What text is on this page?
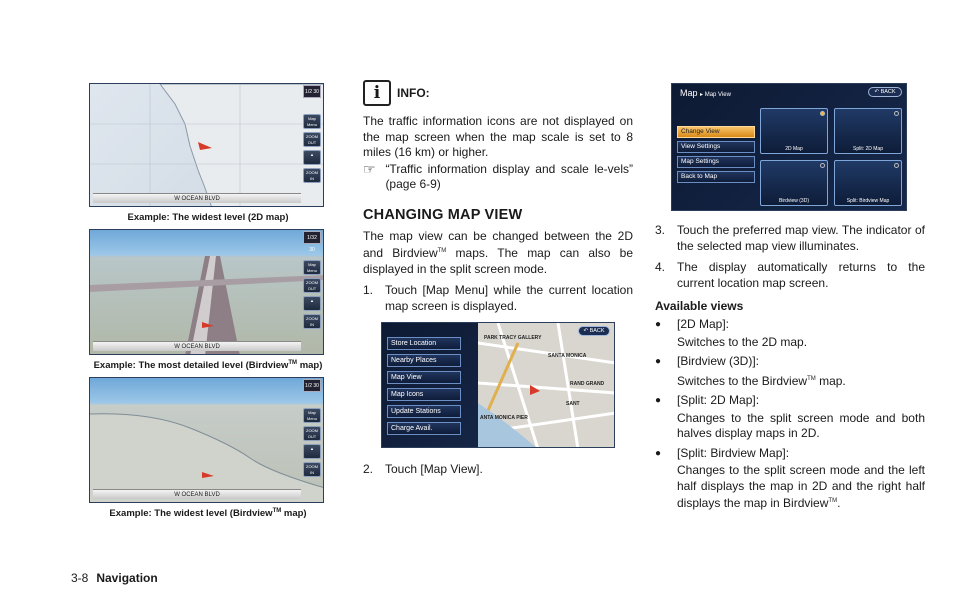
1/2 30
Map Menu
ZOOM OUT
▲
ZOOM IN
W OCEAN BLVD
Example: The widest level (2D map)
1/32 30
Map Menu
ZOOM OUT
▲
ZOOM IN
W OCEAN BLVD
Example: The most detailed level (Birdview™ map)
1/2 30
Map Menu
ZOOM OUT
▲
ZOOM IN
W OCEAN BLVD
Example: The widest level (Birdview™ map)
i	INFO:
The traffic information icons are not displayed on the map screen when the map scale is set to 8 miles (16 km) or higher.
☞ “Traffic information display and scale le-vels” (page 6-9)
CHANGING MAP VIEW
The map view can be changed between the 2D and Birdview™ maps. The map can also be displayed in the split screen mode.
1. Touch [Map Menu] while the current location map screen is displayed.
Store Location
Nearby Places
Map View
Map Icons
Update Stations
Charge Avail.
PARK TRACY GALLERY
SANTA MONICA
RAND GRAND
SANT
ANTA MONICA PIER
↶ BACK
2. Touch [Map View].
Map ▸ Map View	↶ BACK
Change View
View Settings
Map Settings
Back to Map
2D Map	Split: 2D Map
Birdview (3D)	Split: Birdview Map
3. Touch the preferred map view. The indicator of the selected map view illuminates.
4. The display automatically returns to the current location map screen.
Available views
●	[2D Map]:
Switches to the 2D map.
●	[Birdview (3D)]:
Switches to the Birdview™ map.
●	[Split: 2D Map]:
Changes to the split screen mode and both halves display maps in 2D.
●	[Split: Birdview Map]:
Changes to the split screen mode and the left half displays the map in 2D and the right half displays the map in Birdview™.
3-8 Navigation
